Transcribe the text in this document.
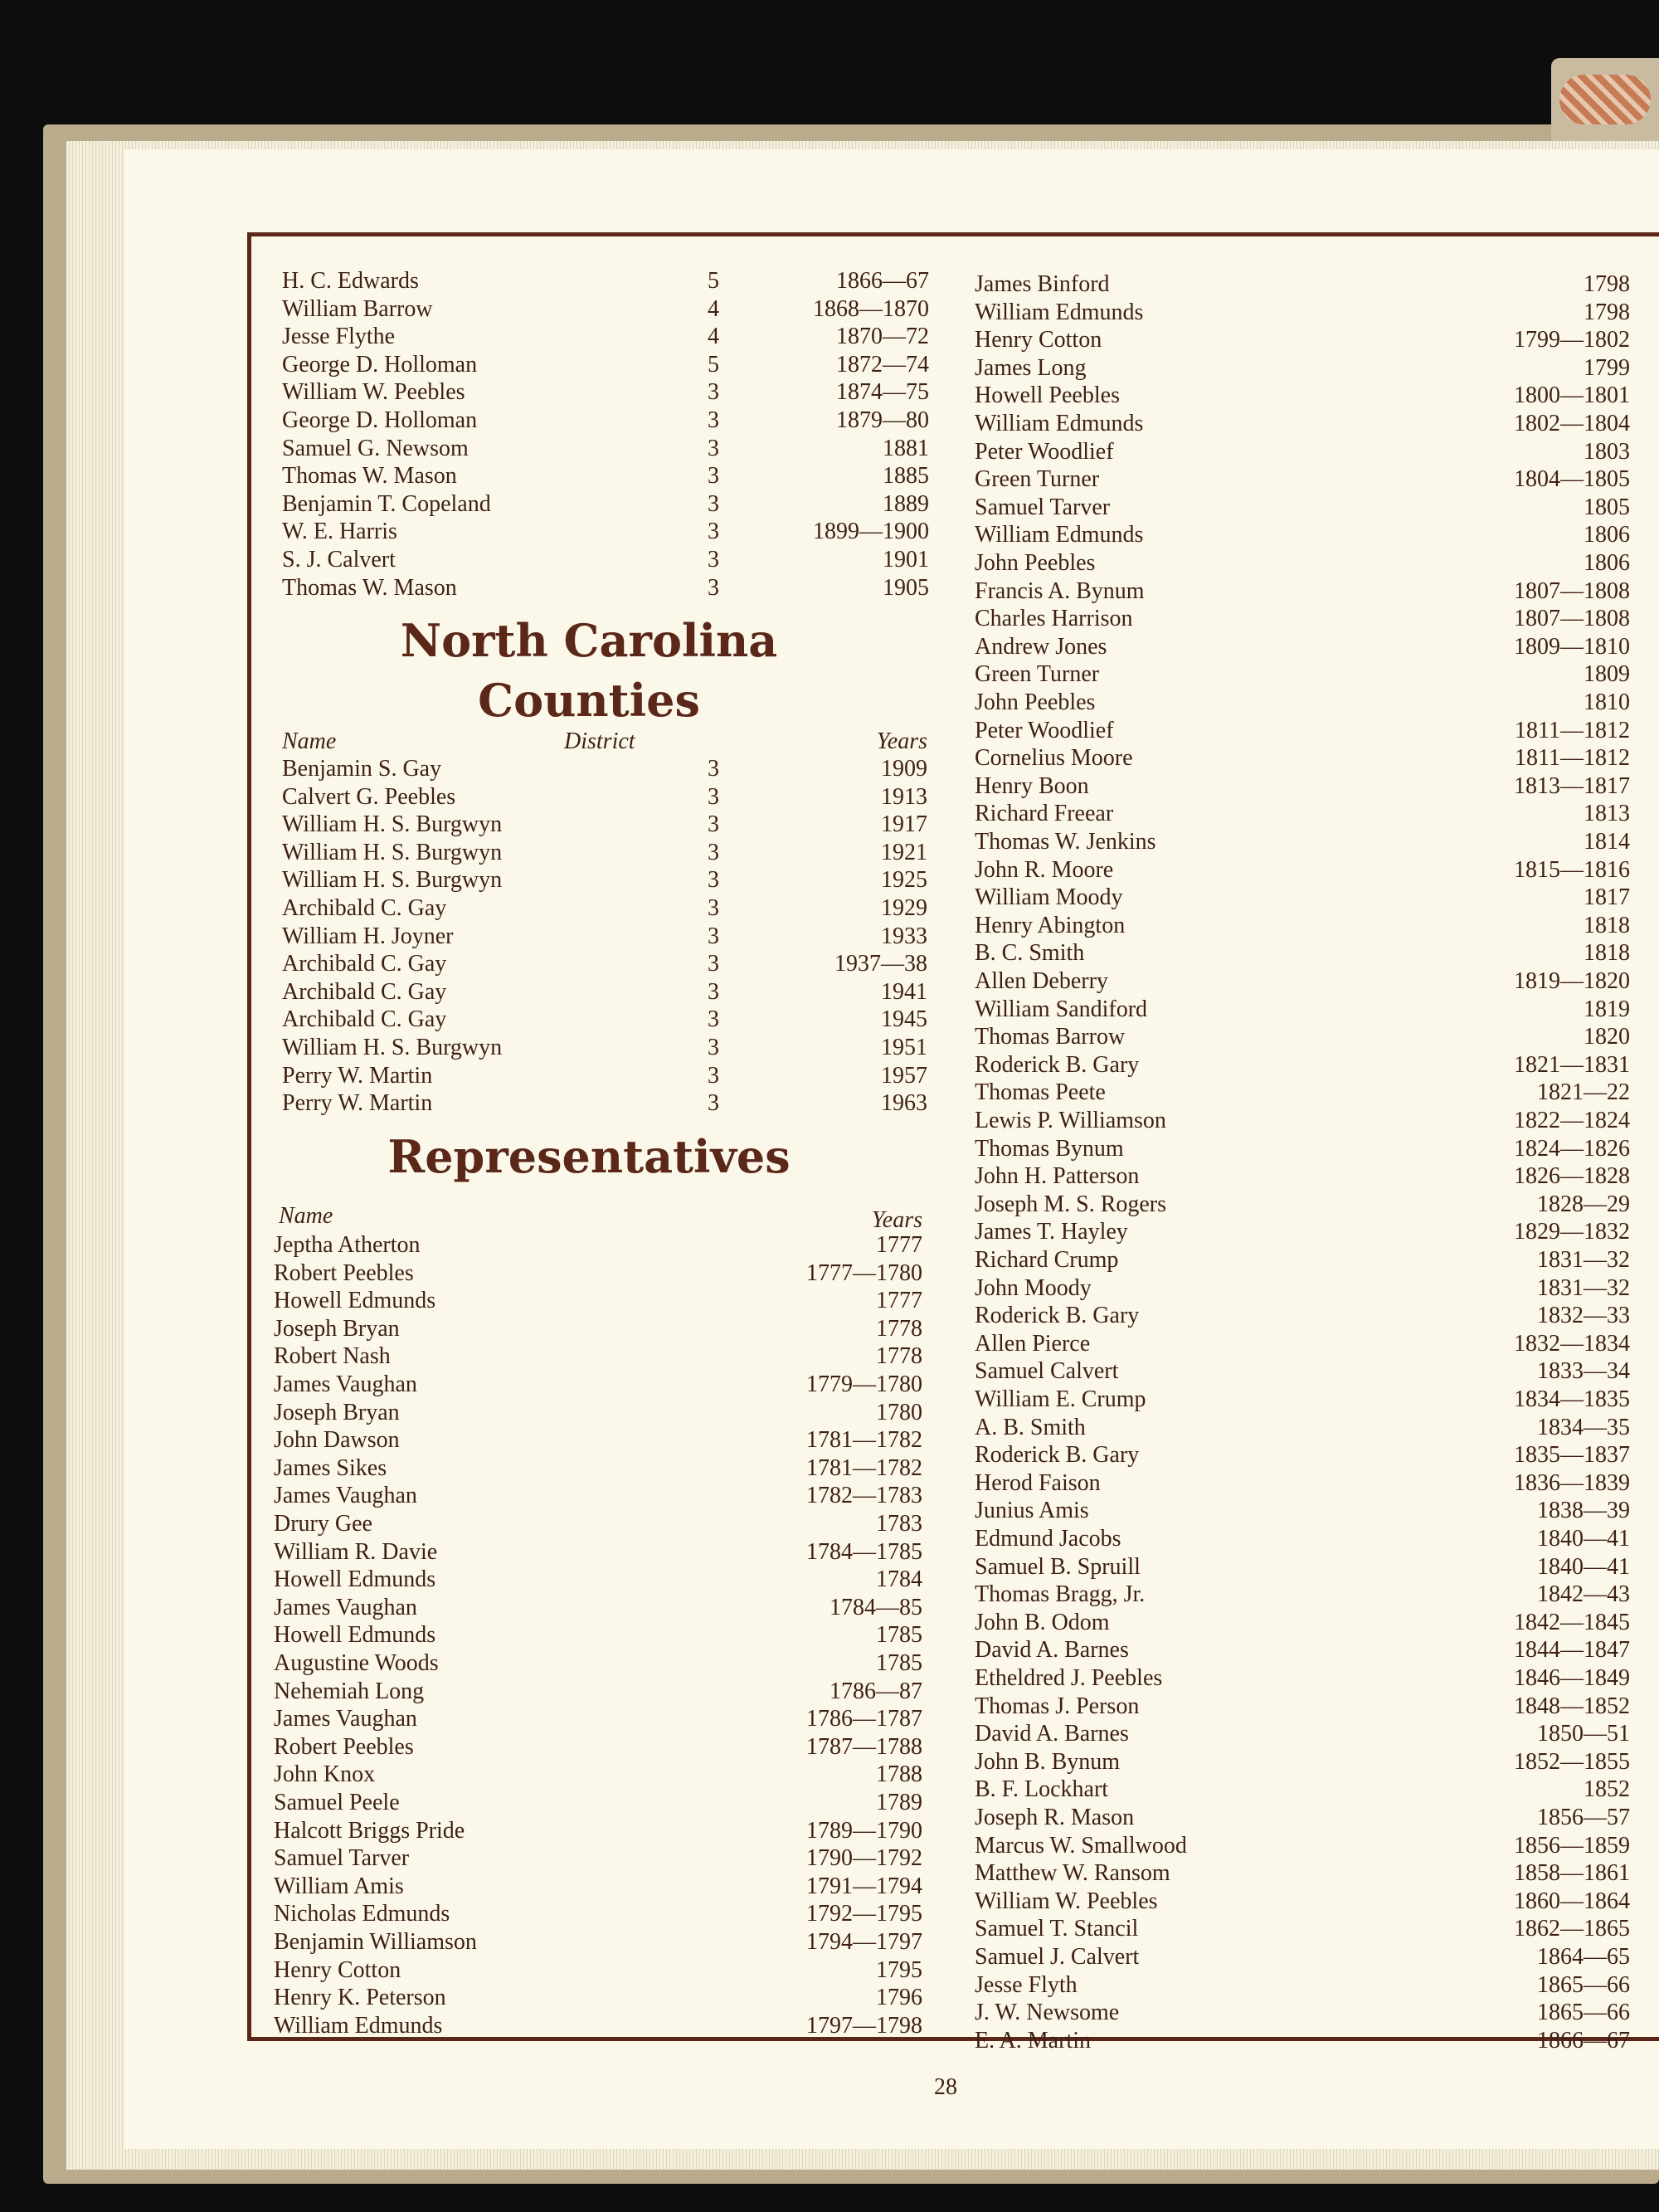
H. C. Edwards	5	1866—67
William Barrow	4	1868—1870
Jesse Flythe	4	1870—72
George D. Holloman	5	1872—74
William W. Peebles	3	1874—75
George D. Holloman	3	1879—80
Samuel G. Newsom	3	1881
Thomas W. Mason	3	1885
Benjamin T. Copeland	3	1889
W. E. Harris	3	1899—1900
S. J. Calvert	3	1901
Thomas W. Mason	3	1905
North Carolina
Counties
Name	District	Years
Benjamin S. Gay	3	1909
Calvert G. Peebles	3	1913
William H. S. Burgwyn	3	1917
William H. S. Burgwyn	3	1921
William H. S. Burgwyn	3	1925
Archibald C. Gay	3	1929
William H. Joyner	3	1933
Archibald C. Gay	3	1937—38
Archibald C. Gay	3	1941
Archibald C. Gay	3	1945
William H. S. Burgwyn	3	1951
Perry W. Martin	3	1957
Perry W. Martin	3	1963
Representatives
Name	Years
Jeptha Atherton	1777
Robert Peebles	1777—1780
Howell Edmunds	1777
Joseph Bryan	1778
Robert Nash	1778
James Vaughan	1779—1780
Joseph Bryan	1780
John Dawson	1781—1782
James Sikes	1781—1782
James Vaughan	1782—1783
Drury Gee	1783
William R. Davie	1784—1785
Howell Edmunds	1784
James Vaughan	1784—85
Howell Edmunds	1785
Augustine Woods	1785
Nehemiah Long	1786—87
James Vaughan	1786—1787
Robert Peebles	1787—1788
John Knox	1788
Samuel Peele	1789
Halcott Briggs Pride	1789—1790
Samuel Tarver	1790—1792
William Amis	1791—1794
Nicholas Edmunds	1792—1795
Benjamin Williamson	1794—1797
Henry Cotton	1795
Henry K. Peterson	1796
William Edmunds	1797—1798
James Binford	1798
William Edmunds	1798
Henry Cotton	1799—1802
James Long	1799
Howell Peebles	1800—1801
William Edmunds	1802—1804
Peter Woodlief	1803
Green Turner	1804—1805
Samuel Tarver	1805
William Edmunds	1806
John Peebles	1806
Francis A. Bynum	1807—1808
Charles Harrison	1807—1808
Andrew Jones	1809—1810
Green Turner	1809
John Peebles	1810
Peter Woodlief	1811—1812
Cornelius Moore	1811—1812
Henry Boon	1813—1817
Richard Freear	1813
Thomas W. Jenkins	1814
John R. Moore	1815—1816
William Moody	1817
Henry Abington	1818
B. C. Smith	1818
Allen Deberry	1819—1820
William Sandiford	1819
Thomas Barrow	1820
Roderick B. Gary	1821—1831
Thomas Peete	1821—22
Lewis P. Williamson	1822—1824
Thomas Bynum	1824—1826
John H. Patterson	1826—1828
Joseph M. S. Rogers	1828—29
James T. Hayley	1829—1832
Richard Crump	1831—32
John Moody	1831—32
Roderick B. Gary	1832—33
Allen Pierce	1832—1834
Samuel Calvert	1833—34
William E. Crump	1834—1835
A. B. Smith	1834—35
Roderick B. Gary	1835—1837
Herod Faison	1836—1839
Junius Amis	1838—39
Edmund Jacobs	1840—41
Samuel B. Spruill	1840—41
Thomas Bragg, Jr.	1842—43
John B. Odom	1842—1845
David A. Barnes	1844—1847
Etheldred J. Peebles	1846—1849
Thomas J. Person	1848—1852
David A. Barnes	1850—51
John B. Bynum	1852—1855
B. F. Lockhart	1852
Joseph R. Mason	1856—57
Marcus W. Smallwood	1856—1859
Matthew W. Ransom	1858—1861
William W. Peebles	1860—1864
Samuel T. Stancil	1862—1865
Samuel J. Calvert	1864—65
Jesse Flyth	1865—66
J. W. Newsome	1865—66
E. A. Martin	1866—67
28
